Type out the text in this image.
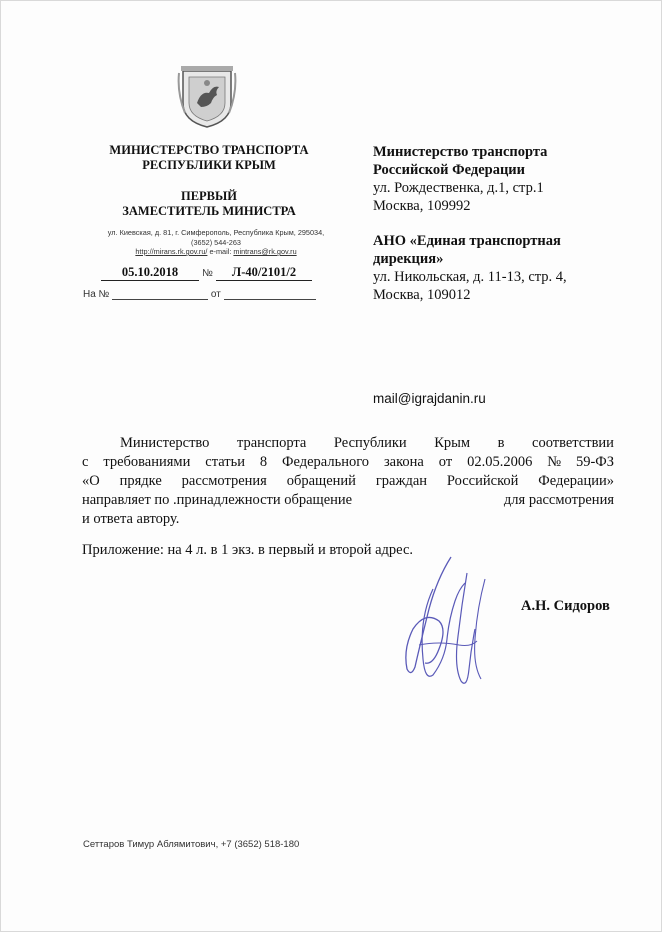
МИНИСТЕРСТВО ТРАНСПОРТА
РЕСПУБЛИКИ КРЫМ
ПЕРВЫЙ
ЗАМЕСТИТЕЛЬ МИНИСТРА
ул. Киевская, д. 81, г. Симферополь, Республика Крым, 295034,
(3652) 544-263
http://mirans.rk.gov.ru/ e-mail: mintrans@rk.gov.ru
05.10.2018 № Л-40/2101/2
На №	от
Министерство транспорта
Российской Федерации
ул. Рождественка, д.1, стр.1
Москва, 109992
АНО «Единая транспортная
дирекция»
ул. Никольская, д. 11-13, стр. 4,
Москва, 109012
mail@igrajdanin.ru
Министерство транспорта Республики Крым в соответствии
с требованиями статьи 8 Федерального закона от 02.05.2006 № 59-ФЗ
«О прядке рассмотрения обращений граждан Российской Федерации»
направляет по .принадлежности обращение	для рассмотрения
и ответа автору.
Приложение: на 4 л. в 1 экз. в первый и второй адрес.
А.Н. Сидоров
Сеттаров Тимур Аблямитович, +7 (3652) 518-180
